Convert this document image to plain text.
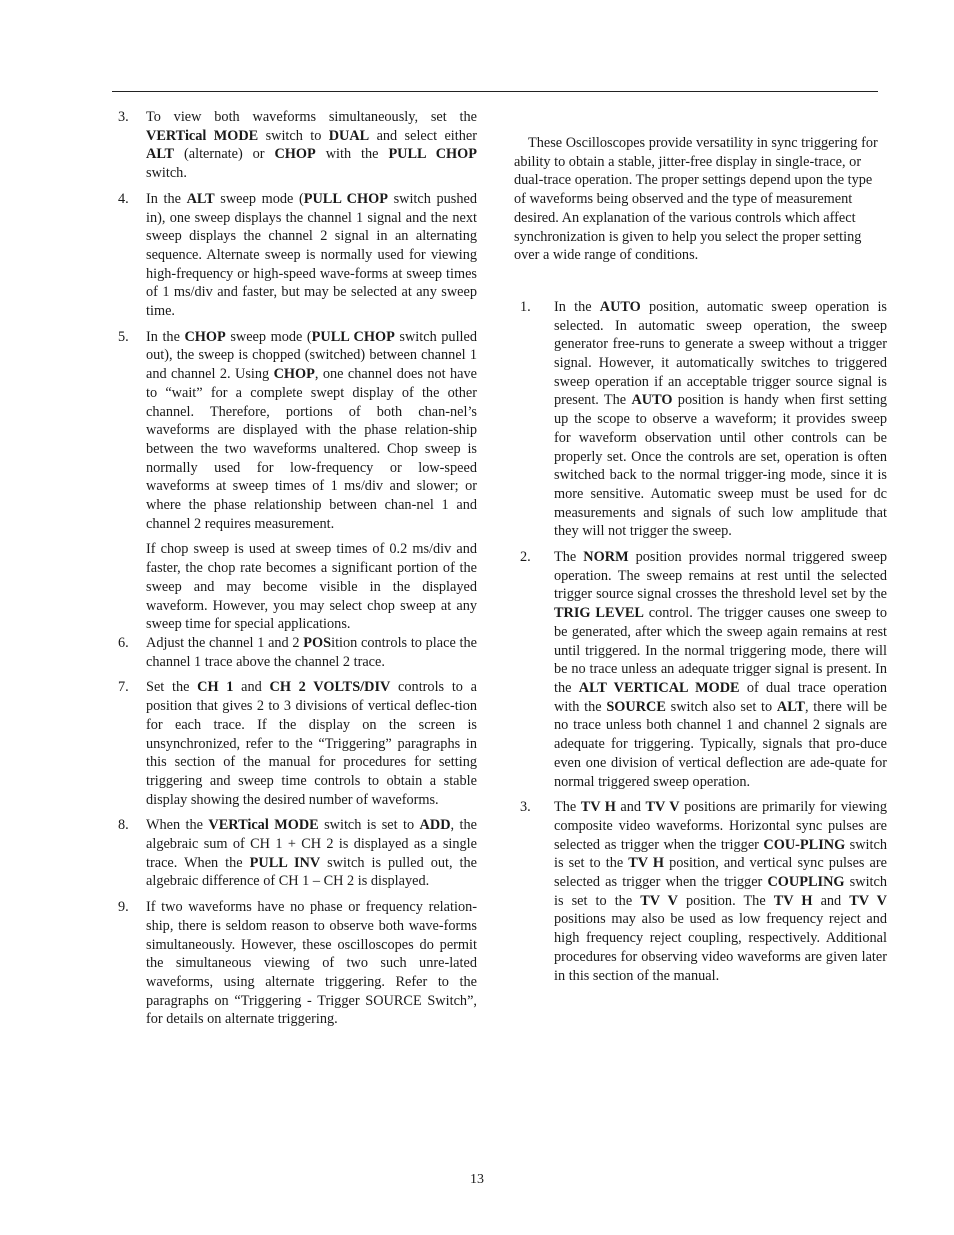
3. To view both waveforms simultaneously, set the VERTical MODE switch to DUAL and select either ALT (alternate) or CHOP with the PULL CHOP switch.

4. In the ALT sweep mode (PULL CHOP switch pushed in), one sweep displays the channel 1 signal and the next sweep displays the channel 2 signal in an alternating sequence. Alternate sweep is normally used for viewing high-frequency or high-speed wave-forms at sweep times of 1 ms/div and faster, but may be selected at any sweep time.

5. In the CHOP sweep mode (PULL CHOP switch pulled out), the sweep is chopped (switched) between channel 1 and channel 2. Using CHOP, one channel does not have to “wait” for a complete swept display of the other channel. Therefore, portions of both chan-nel’s waveforms are displayed with the phase relation-ship between the two waveforms unaltered. Chop sweep is normally used for low-frequency or low-speed waveforms at sweep times of 1 ms/div and slower; or where the phase relationship between chan-nel 1 and channel 2 requires measurement.

If chop sweep is used at sweep times of 0.2 ms/div and faster, the chop rate becomes a significant portion of the sweep and may become visible in the displayed waveform. However, you may select chop sweep at any sweep time for special applications.

6. Adjust the channel 1 and 2 POSition controls to place the channel 1 trace above the channel 2 trace.

7. Set the CH 1 and CH 2 VOLTS/DIV controls to a position that gives 2 to 3 divisions of vertical deflec-tion for each trace. If the display on the screen is unsynchronized, refer to the “Triggering” paragraphs in this section of the manual for procedures for setting triggering and sweep time controls to obtain a stable display showing the desired number of waveforms.

8. When the VERTical MODE switch is set to ADD, the algebraic sum of CH 1 + CH 2 is displayed as a single trace. When the PULL INV switch is pulled out, the algebraic difference of CH 1 – CH 2 is displayed.

9. If two waveforms have no phase or frequency relation-ship, there is seldom reason to observe both wave-forms simultaneously. However, these oscilloscopes do permit the simultaneous viewing of two such unre-lated waveforms, using alternate triggering. Refer to the paragraphs on “Triggering - Trigger SOURCE Switch”, for details on alternate triggering.

These Oscilloscopes provide versatility in sync triggering for ability to obtain a stable, jitter-free display in single-trace, or dual-trace operation. The proper settings depend upon the type of waveforms being observed and the type of measurement desired. An explanation of the various controls which affect synchronization is given to help you select the proper setting over a wide range of conditions.

1. In the AUTO position, automatic sweep operation is selected. In automatic sweep operation, the sweep generator free-runs to generate a sweep without a trigger signal. However, it automatically switches to triggered sweep operation if an acceptable trigger source signal is present. The AUTO position is handy when first setting up the scope to observe a waveform; it provides sweep for waveform observation until other controls can be properly set. Once the controls are set, operation is often switched back to the normal trigger-ing mode, since it is more sensitive. Automatic sweep must be used for dc measurements and signals of such low amplitude that they will not trigger the sweep.

2. The NORM position provides normal triggered sweep operation. The sweep remains at rest until the selected trigger source signal crosses the threshold level set by the TRIG LEVEL control. The trigger causes one sweep to be generated, after which the sweep again remains at rest until triggered. In the normal triggering mode, there will be no trace unless an adequate trigger signal is present. In the ALT VERTICAL MODE of dual trace operation with the SOURCE switch also set to ALT, there will be no trace unless both channel 1 and channel 2 signals are adequate for triggering. Typically, signals that pro-duce even one division of vertical deflection are ade-quate for normal triggered sweep operation.

3. The TV H and TV V positions are primarily for viewing composite video waveforms. Horizontal sync pulses are selected as trigger when the trigger COU-PLING switch is set to the TV H position, and vertical sync pulses are selected as trigger when the trigger COUPLING switch is set to the TV V position. The TV H and TV V positions may also be used as low frequency reject and high frequency reject coupling, respectively. Additional procedures for observing video waveforms are given later in this section of the manual.

13
